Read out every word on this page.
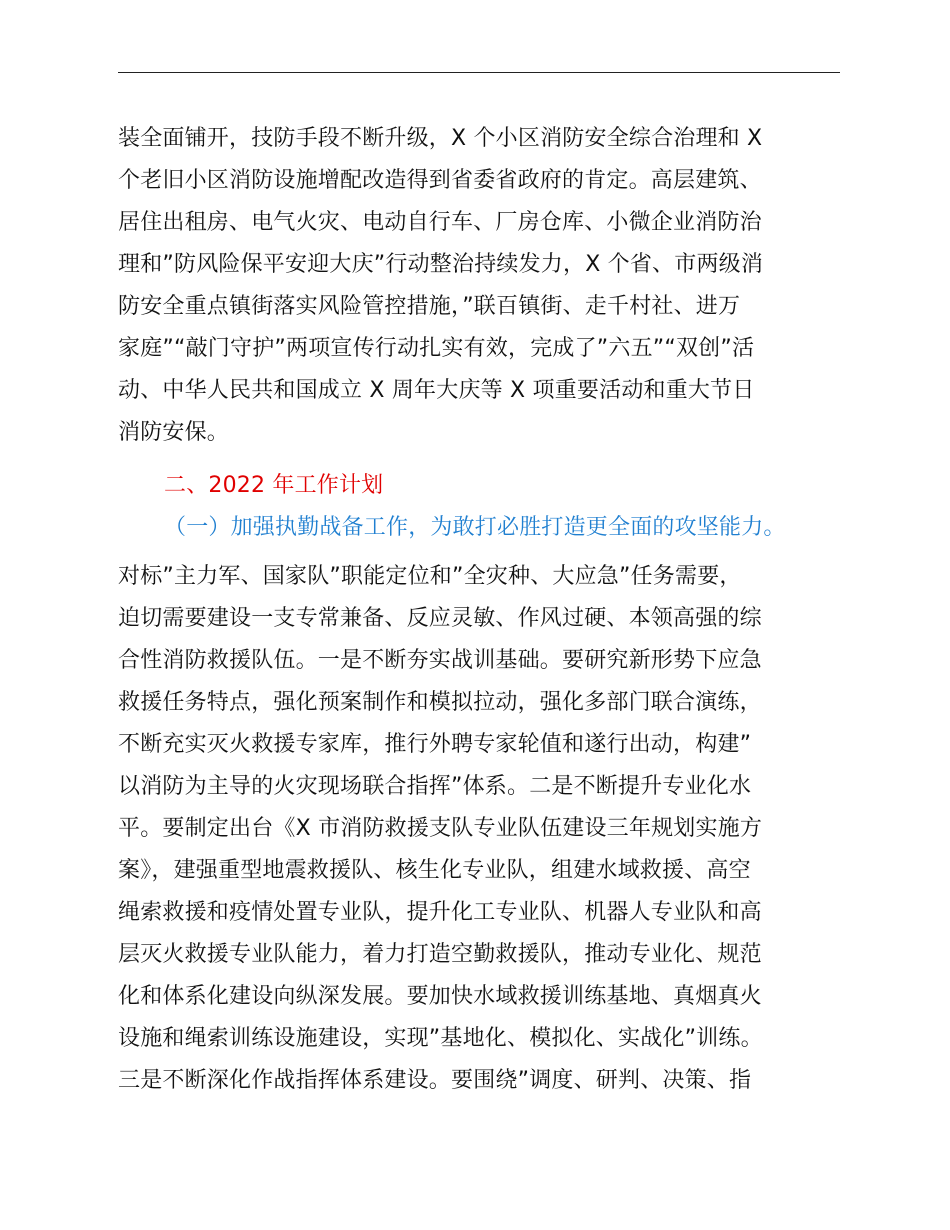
装全面铺开，技防手段不断升级，X 个小区消防安全综合治理和 X
个老旧小区消防设施增配改造得到省委省政府的肯定。高层建筑、
居住出租房、电气火灾、电动自行车、厂房仓库、小微企业消防治
理和”防风险保平安迎大庆”行动整治持续发力，X 个省、市两级消
防安全重点镇街落实风险管控措施，”联百镇街、走千村社、进万
家庭”“敲门守护”两项宣传行动扎实有效，完成了”六五”“双创”活
动、中华人民共和国成立 X 周年大庆等 X 项重要活动和重大节日
消防安保。
二、2022 年工作计划
（一）加强执勤战备工作，为敢打必胜打造更全面的攻坚能力。
对标”主力军、国家队”职能定位和”全灾种、大应急”任务需要，
迫切需要建设一支专常兼备、反应灵敏、作风过硬、本领高强的综
合性消防救援队伍。一是不断夯实战训基础。要研究新形势下应急
救援任务特点，强化预案制作和模拟拉动，强化多部门联合演练，
不断充实灭火救援专家库，推行外聘专家轮值和遂行出动，构建”
以消防为主导的火灾现场联合指挥”体系。二是不断提升专业化水
平。要制定出台《X 市消防救援支队专业队伍建设三年规划实施方
案》，建强重型地震救援队、核生化专业队，组建水域救援、高空
绳索救援和疫情处置专业队，提升化工专业队、机器人专业队和高
层灭火救援专业队能力，着力打造空勤救援队，推动专业化、规范
化和体系化建设向纵深发展。要加快水域救援训练基地、真烟真火
设施和绳索训练设施建设，实现”基地化、模拟化、实战化”训练。
三是不断深化作战指挥体系建设。要围绕”调度、研判、决策、指
